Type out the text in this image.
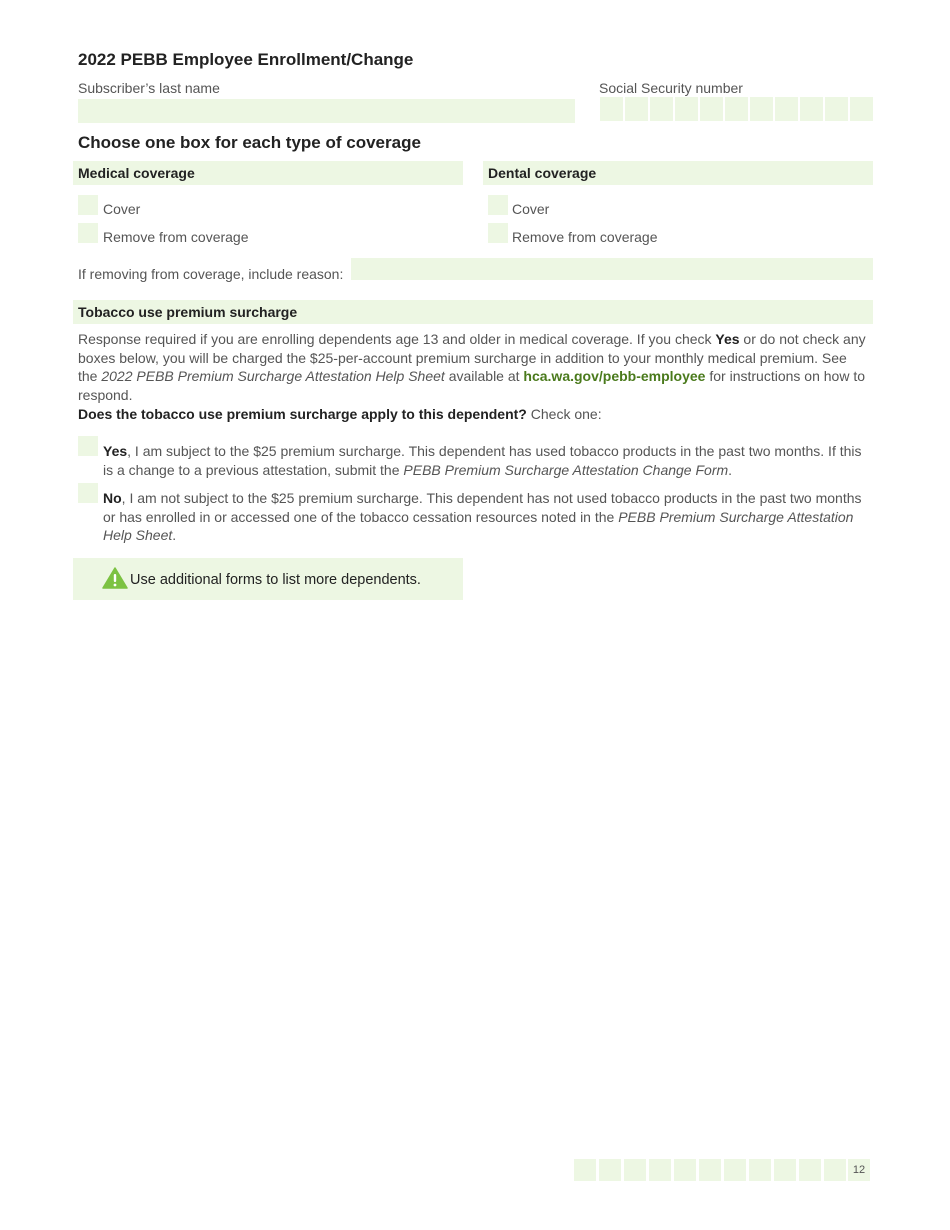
2022 PEBB Employee Enrollment/Change
Subscriber’s last name	Social Security number
Choose one box for each type of coverage
Medical coverage
Cover
Remove from coverage
Dental coverage
Cover
Remove from coverage
If removing from coverage, include reason:
Tobacco use premium surcharge

Response required if you are enrolling dependents age 13 and older in medical coverage. If you check Yes or do not check any boxes below, you will be charged the $25-per-account premium surcharge in addition to your monthly medical premium. See the 2022 PEBB Premium Surcharge Attestation Help Sheet available at hca.wa.gov/pebb-employee for instructions on how to respond.

Does the tobacco use premium surcharge apply to this dependent? Check one:

Yes, I am subject to the $25 premium surcharge. This dependent has used tobacco products in the past two months. If this is a change to a previous attestation, submit the PEBB Premium Surcharge Attestation Change Form.

No, I am not subject to the $25 premium surcharge. This dependent has not used tobacco products in the past two months or has enrolled in or accessed one of the tobacco cessation resources noted in the PEBB Premium Surcharge Attestation Help Sheet.

Use additional forms to list more dependents.
12
